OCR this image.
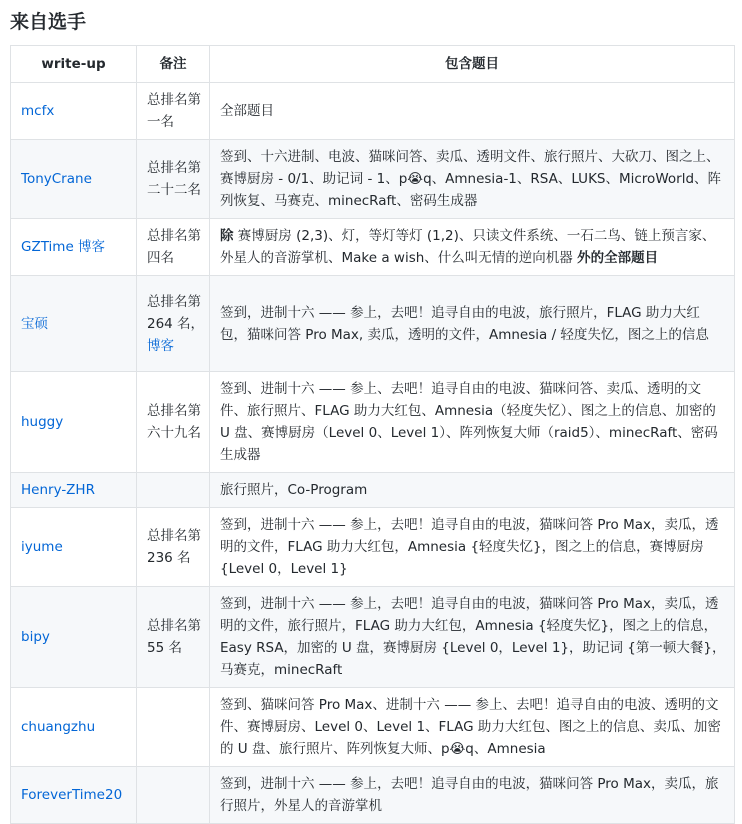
来自选手
write-up	备注	包含题目
mcfx	总排名第一名	全部题目
TonyCrane	总排名第二十二名	签到、十六进制、电波、猫咪问答、卖瓜、透明文件、旅行照片、大砍刀、图之上、赛博厨房 - 0/1、助记词 - 1、p😭q、Amnesia-1、RSA、LUKS、MicroWorld、阵列恢复、马赛克、minecRaft、密码生成器
GZTime 博客	总排名第四名	除 赛博厨房 (2,3)、灯，等灯等灯 (1,2)、只读文件系统、一石二鸟、链上预言家、外星人的音游掌机、Make a wish、什么叫无情的逆向机器 外的全部题目
宝硕	总排名第 264 名，博客	签到，进制十六 —— 参上，去吧！追寻自由的电波，旅行照片，FLAG 助力大红包，猫咪问答 Pro Max, 卖瓜，透明的文件，Amnesia / 轻度失忆，图之上的信息
huggy	总排名第六十九名	签到、进制十六 —— 参上、去吧！追寻自由的电波、猫咪问答、卖瓜、透明的文件、旅行照片、FLAG 助力大红包、Amnesia（轻度失忆）、图之上的信息、加密的 U 盘、赛博厨房（Level 0、Level 1）、阵列恢复大师（raid5）、minecRaft、密码生成器
Henry-ZHR		旅行照片，Co-Program
iyume	总排名第 236 名	签到，进制十六 —— 参上，去吧！追寻自由的电波，猫咪问答 Pro Max，卖瓜，透明的文件，FLAG 助力大红包，Amnesia {轻度失忆}，图之上的信息，赛博厨房 {Level 0，Level 1}
bipy	总排名第 55 名	签到，进制十六 —— 参上，去吧！追寻自由的电波，猫咪问答 Pro Max，卖瓜，透明的文件，旅行照片，FLAG 助力大红包，Amnesia {轻度失忆}，图之上的信息，Easy RSA，加密的 U 盘，赛博厨房 {Level 0，Level 1}，助记词 {第一顿大餐}，马赛克，minecRaft
chuangzhu		签到、猫咪问答 Pro Max、进制十六 —— 参上、去吧！追寻自由的电波、透明的文件、赛博厨房、Level 0、Level 1、FLAG 助力大红包、图之上的信息、卖瓜、加密的 U 盘、旅行照片、阵列恢复大师、p😭q、Amnesia
ForeverTime20		签到，进制十六 —— 参上，去吧！追寻自由的电波，猫咪问答 Pro Max，卖瓜，旅行照片，外星人的音游掌机
